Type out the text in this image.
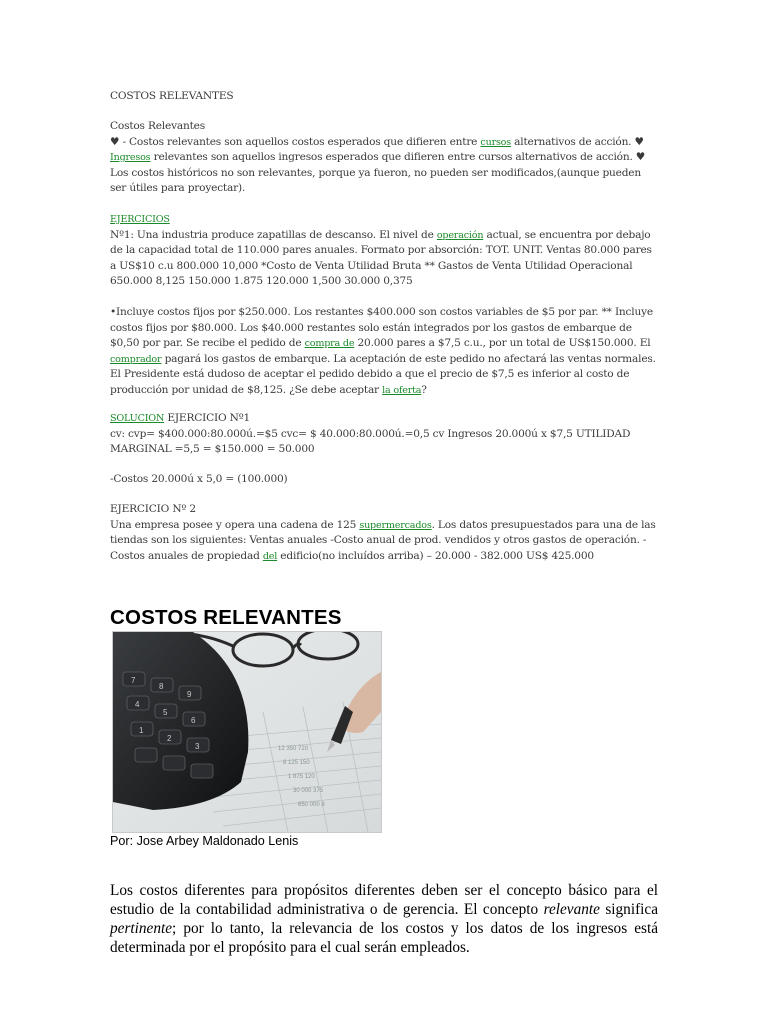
COSTOS RELEVANTES

Costos Relevantes
♥ - Costos relevantes son aquellos costos esperados que difieren entre cursos alternativos de acción. ♥
Ingresos relevantes son aquellos ingresos esperados que difieren entre cursos alternativos de acción. ♥ Los costos históricos no son relevantes, porque ya fueron, no pueden ser modificados,(aunque pueden ser útiles para proyectar).

EJERCICIOS
Nº1: Una industria produce zapatillas de descanso. El nivel de operación actual, se encuentra por debajo de la capacidad total de 110.000 pares anuales. Formato por absorción: TOT. UNIT. Ventas 80.000 pares a US$10 c.u 800.000 10,000 *Costo de Venta Utilidad Bruta ** Gastos de Venta Utilidad Operacional 650.000 8,125 150.000 1.875 120.000 1,500 30.000 0,375

•Incluye costos fijos por $250.000. Los restantes $400.000 son costos variables de $5 por par. ** Incluye costos fijos por $80.000. Los $40.000 restantes solo están integrados por los gastos de embarque de $0,50 por par. Se recibe el pedido de compra de 20.000 pares a $7,5 c.u., por un total de US$150.000. El comprador pagará los gastos de embarque. La aceptación de este pedido no afectará las ventas normales. El Presidente está dudoso de aceptar el pedido debido a que el precio de $7,5 es inferior al costo de producción por unidad de $8,125. ¿Se debe aceptar la oferta?

SOLUCION EJERCICIO Nº1
cv: cvp= $400.000:80.000ú.=$5 cvc= $ 40.000:80.000ú.=0,5 cv Ingresos 20.000ú x $7,5 UTILIDAD MARGINAL =5,5 = $150.000 = 50.000

-Costos 20.000ú x 5,0 = (100.000)

EJERCICIO Nº 2
Una empresa posee y opera una cadena de 125 supermercados. Los datos presupuestados para una de las tiendas son los siguientes: Ventas anuales -Costo anual de prod. vendidos y otros gastos de operación. - Costos anuales de propiedad del edificio(no incluídos arriba) – 20.000 - 382.000 US$ 425.000

COSTOS RELEVANTES
12 350 720
8 125 150
1 875 120
30 000 375
650 000 8
7
8
9
4
5
6
1
2
3
Por: Jose Arbey Maldonado Lenis

Los costos diferentes para propósitos diferentes deben ser el concepto básico para el estudio de la contabilidad administrativa o de gerencia. El concepto relevante significa pertinente; por lo tanto, la relevancia de los costos y los datos de los ingresos está determinada por el propósito para el cual serán empleados.
